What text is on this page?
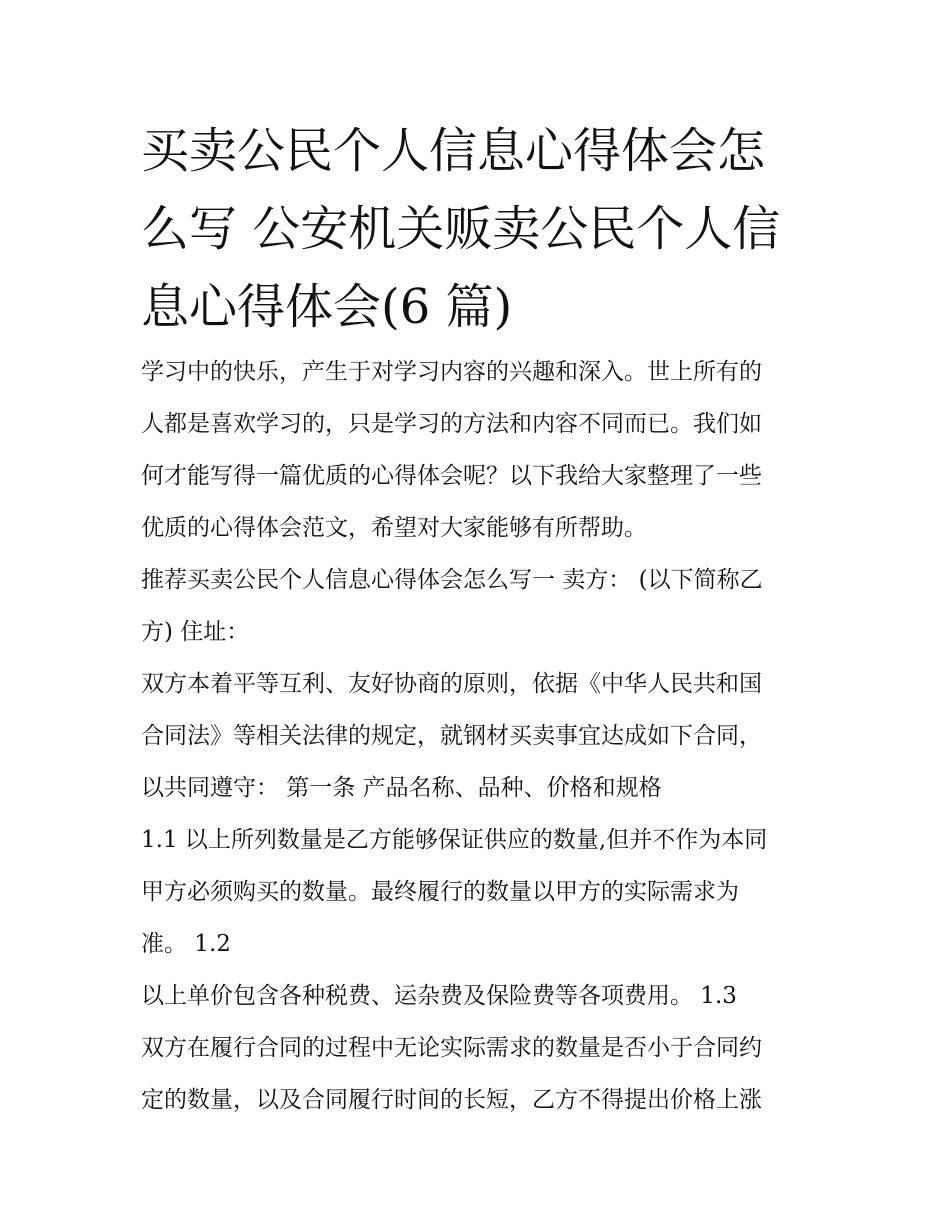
买卖公民个人信息心得体会怎
么写 公安机关贩卖公民个人信
息心得体会(6 篇)
学习中的快乐，产生于对学习内容的兴趣和深入。世上所有的
人都是喜欢学习的，只是学习的方法和内容不同而已。我们如
何才能写得一篇优质的心得体会呢？以下我给大家整理了一些
优质的心得体会范文，希望对大家能够有所帮助。
推荐买卖公民个人信息心得体会怎么写一 卖方： (以下简称乙
方) 住址：
双方本着平等互利、友好协商的原则，依据《中华人民共和国
合同法》等相关法律的规定，就钢材买卖事宜达成如下合同，
以共同遵守： 第一条 产品名称、品种、价格和规格
1.1 以上所列数量是乙方能够保证供应的数量,但并不作为本同
甲方必须购买的数量。最终履行的数量以甲方的实际需求为
准。 1.2
以上单价包含各种税费、运杂费及保险费等各项费用。 1.3
双方在履行合同的过程中无论实际需求的数量是否小于合同约
定的数量，以及合同履行时间的长短，乙方不得提出价格上涨
